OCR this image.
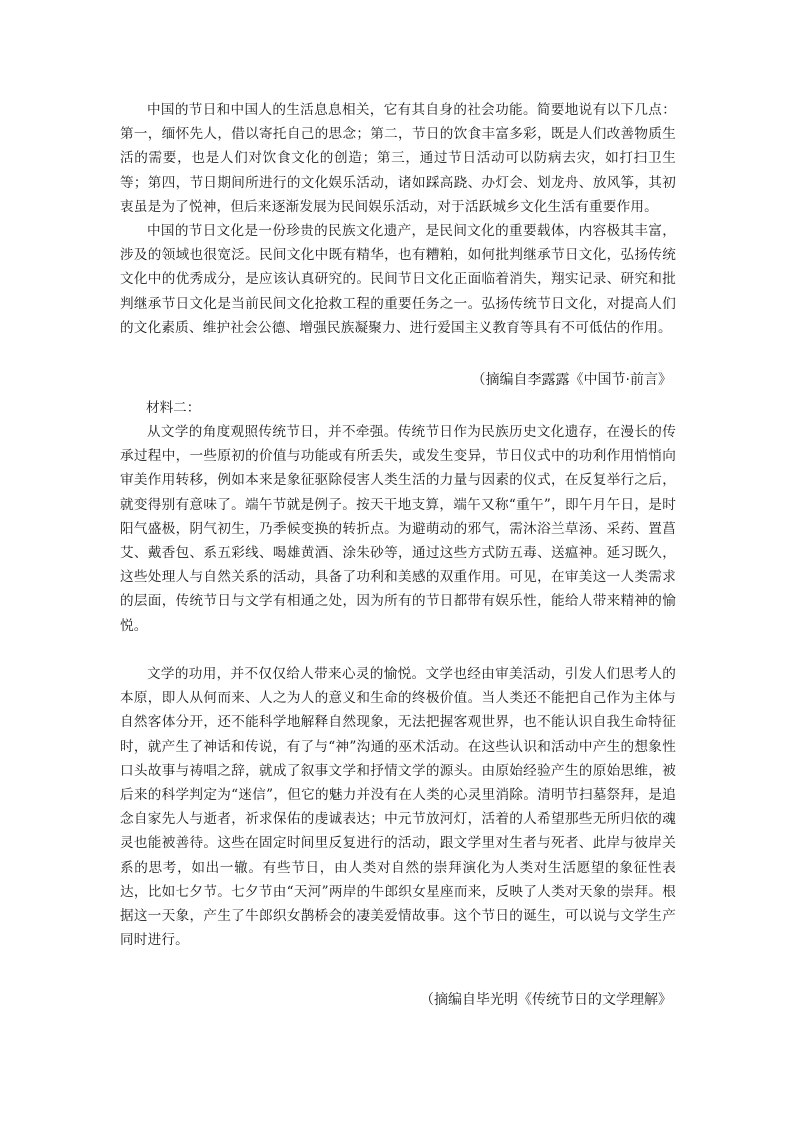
中国的节日和中国人的生活息息相关，它有其自身的社会功能。简要地说有以下几点：第一，缅怀先人，借以寄托自己的思念；第二，节日的饮食丰富多彩，既是人们改善物质生活的需要，也是人们对饮食文化的创造；第三，通过节日活动可以防病去灾，如打扫卫生等；第四，节日期间所进行的文化娱乐活动，诸如踩高跷、办灯会、划龙舟、放风筝，其初衷虽是为了悦神，但后来逐渐发展为民间娱乐活动，对于活跃城乡文化生活有重要作用。

中国的节日文化是一份珍贵的民族文化遗产，是民间文化的重要载体，内容极其丰富，涉及的领域也很宽泛。民间文化中既有精华，也有糟粕，如何批判继承节日文化，弘扬传统文化中的优秀成分，是应该认真研究的。民间节日文化正面临着消失，翔实记录、研究和批判继承节日文化是当前民间文化抢救工程的重要任务之一。弘扬传统节日文化，对提高人们的文化素质、维护社会公德、增强民族凝聚力、进行爱国主义教育等具有不可低估的作用。

（摘编自李露露《中国节·前言》

材料二：

从文学的角度观照传统节日，并不牵强。传统节日作为民族历史文化遗存，在漫长的传承过程中，一些原初的价值与功能或有所丢失，或发生变异，节日仪式中的功利作用悄悄向审美作用转移，例如本来是象征驱除侵害人类生活的力量与因素的仪式，在反复举行之后，就变得别有意味了。端午节就是例子。按天干地支算，端午又称“重午”，即午月午日，是时阳气盛极，阴气初生，乃季候变换的转折点。为避萌动的邪气，需沐浴兰草汤、采药、置菖艾、戴香包、系五彩线、喝雄黄酒、涂朱砂等，通过这些方式防五毒、送瘟神。延习既久，这些处理人与自然关系的活动，具备了功利和美感的双重作用。可见，在审美这一人类需求的层面，传统节日与文学有相通之处，因为所有的节日都带有娱乐性，能给人带来精神的愉悦。

文学的功用，并不仅仅给人带来心灵的愉悦。文学也经由审美活动，引发人们思考人的本原，即人从何而来、人之为人的意义和生命的终极价值。当人类还不能把自己作为主体与自然客体分开，还不能科学地解释自然现象，无法把握客观世界，也不能认识自我生命特征时，就产生了神话和传说，有了与“神”沟通的巫术活动。在这些认识和活动中产生的想象性口头故事与祷唱之辞，就成了叙事文学和抒情文学的源头。由原始经验产生的原始思维，被后来的科学判定为“迷信”，但它的魅力并没有在人类的心灵里消除。清明节扫墓祭拜，是追念自家先人与逝者，祈求保佑的虔诚表达；中元节放河灯，活着的人希望那些无所归依的魂灵也能被善待。这些在固定时间里反复进行的活动，跟文学里对生者与死者、此岸与彼岸关系的思考，如出一辙。有些节日，由人类对自然的崇拜演化为人类对生活愿望的象征性表达，比如七夕节。七夕节由“天河”两岸的牛郎织女星座而来，反映了人类对天象的崇拜。根据这一天象，产生了牛郎织女鹊桥会的凄美爱情故事。这个节日的诞生，可以说与文学生产同时进行。

（摘编自毕光明《传统节日的文学理解》
